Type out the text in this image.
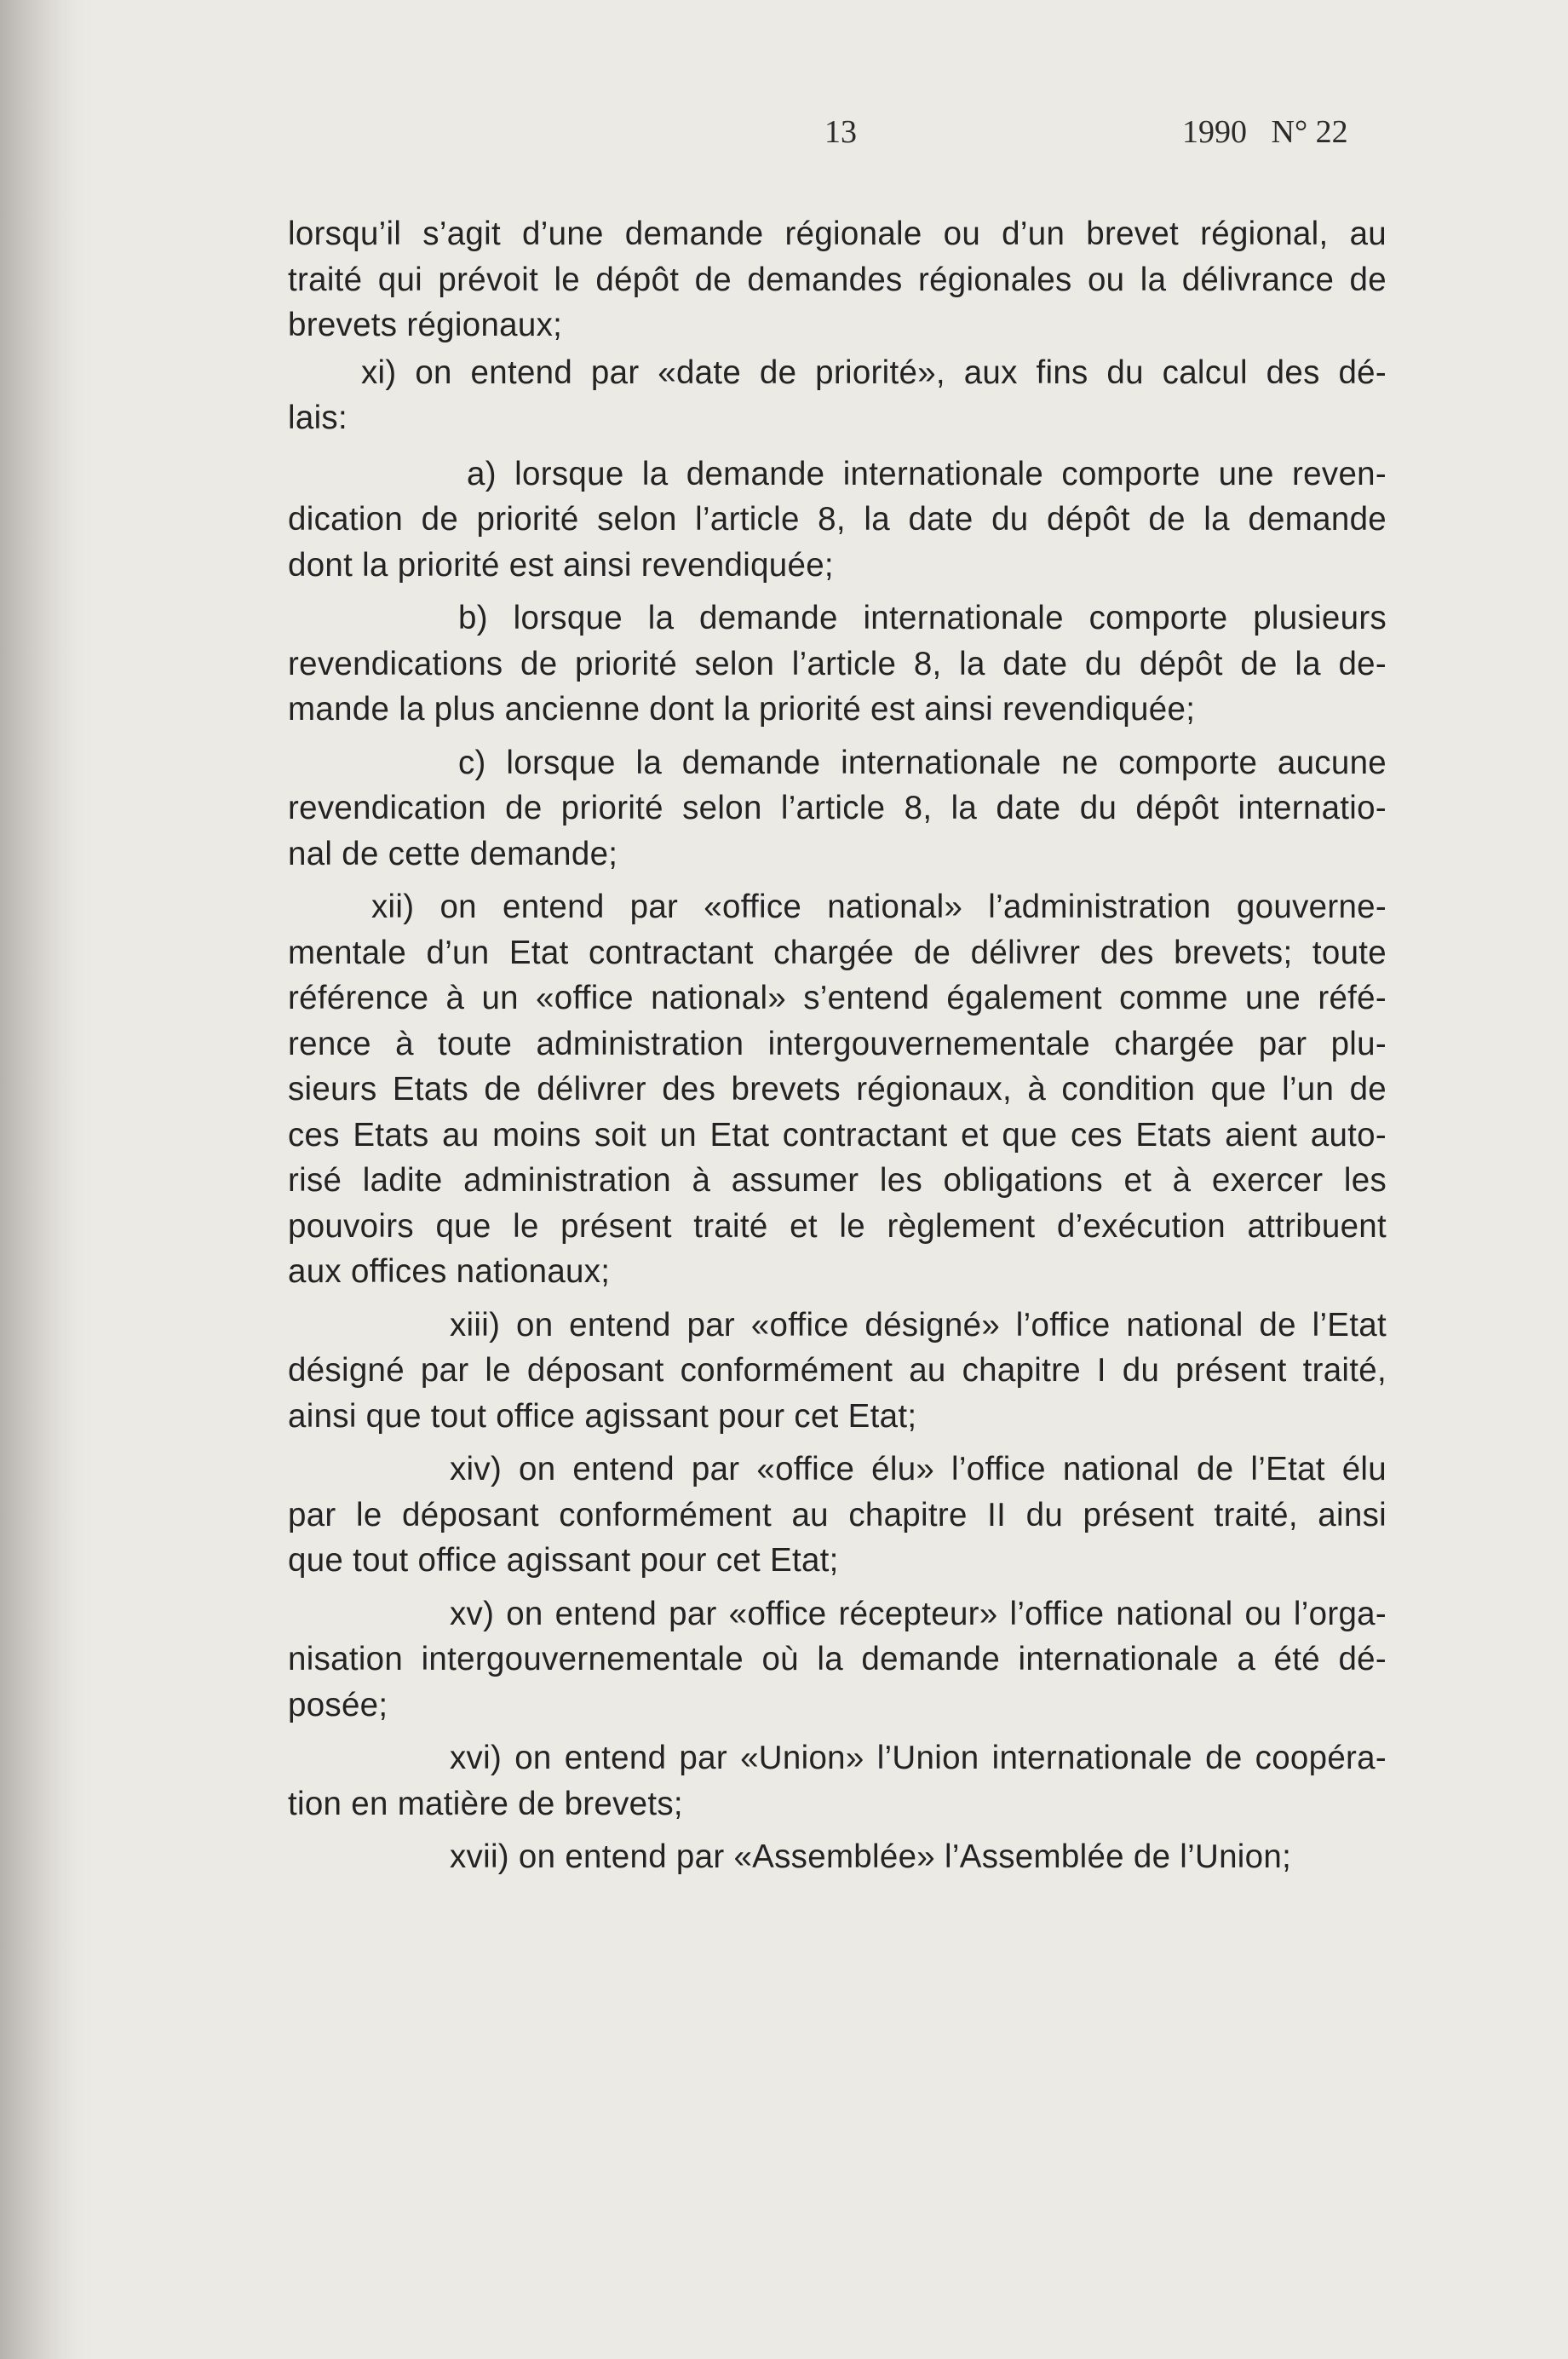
13	1990   N° 22
lorsqu’il s’agit d’une demande régionale ou d’un brevet régional, au
traité qui prévoit le dépôt de demandes régionales ou la délivrance de
brevets régionaux;
xi) on entend par «date de priorité», aux fins du calcul des dé-
lais:
a) lorsque la demande internationale comporte une reven-
dication de priorité selon l’article 8, la date du dépôt de la demande
dont la priorité est ainsi revendiquée;
b) lorsque la demande internationale comporte plusieurs
revendications de priorité selon l’article 8, la date du dépôt de la de-
mande la plus ancienne dont la priorité est ainsi revendiquée;
c) lorsque la demande internationale ne comporte aucune
revendication de priorité selon l’article 8, la date du dépôt internatio-
nal de cette demande;
xii) on entend par «office national» l’administration gouverne-
mentale d’un Etat contractant chargée de délivrer des brevets; toute
référence à un «office national» s’entend également comme une réfé-
rence à toute administration intergouvernementale chargée par plu-
sieurs Etats de délivrer des brevets régionaux, à condition que l’un de
ces Etats au moins soit un Etat contractant et que ces Etats aient auto-
risé ladite administration à assumer les obligations et à exercer les
pouvoirs que le présent traité et le règlement d’exécution attribuent
aux offices nationaux;
xiii) on entend par «office désigné» l’office national de l’Etat
désigné par le déposant conformément au chapitre I du présent traité,
ainsi que tout office agissant pour cet Etat;
xiv) on entend par «office élu» l’office national de l’Etat élu
par le déposant conformément au chapitre II du présent traité, ainsi
que tout office agissant pour cet Etat;
xv) on entend par «office récepteur» l’office national ou l’orga-
nisation intergouvernementale où la demande internationale a été dé-
posée;
xvi) on entend par «Union» l’Union internationale de coopéra-
tion en matière de brevets;
xvii) on entend par «Assemblée» l’Assemblée de l’Union;
